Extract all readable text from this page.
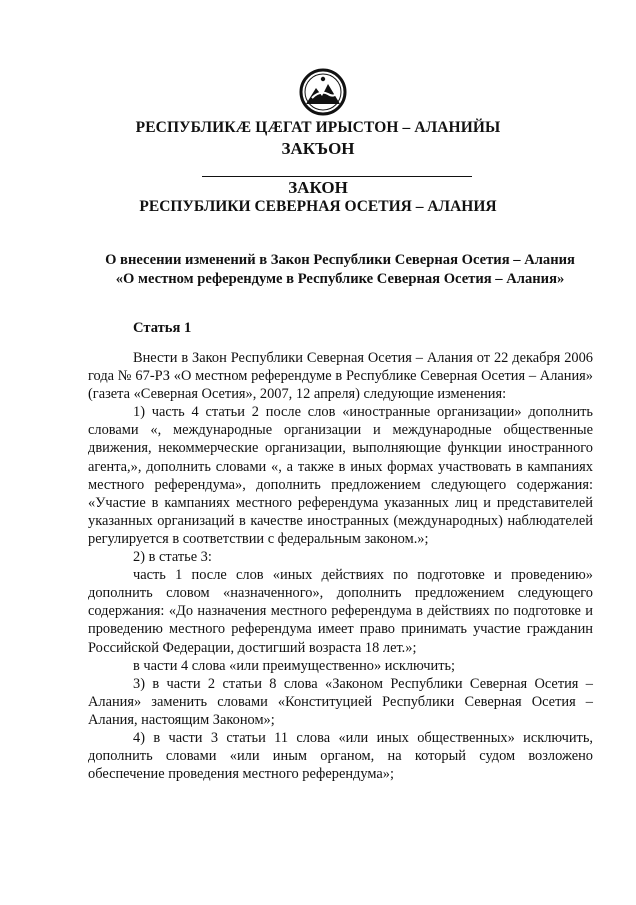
РЕСПУБЛИКÆ ЦÆГАТ ИРЫСТОН – АЛАНИЙЫ
ЗАКЪОН
ЗАКОН
РЕСПУБЛИКИ СЕВЕРНАЯ ОСЕТИЯ – АЛАНИЯ
О внесении изменений в Закон Республики Северная Осетия – Алания
«О местном референдуме в Республике Северная Осетия – Алания»
Статья 1

Внести в Закон Республики Северная Осетия – Алания от 22 декабря 2006 года № 67-РЗ «О местном референдуме в Республике Северная Осетия – Алания» (газета «Северная Осетия», 2007, 12 апреля) следующие изменения:

1) часть 4 статьи 2 после слов «иностранные организации» дополнить словами «, международные организации и международные общественные движения, некоммерческие организации, выполняющие функции иностранного агента,», дополнить словами «, а также в иных формах участвовать в кампаниях местного референдума», дополнить предложением следующего содержания: «Участие в кампаниях местного референдума указанных лиц и представителей указанных организаций в качестве иностранных (международных) наблюдателей регулируется в соответствии с федеральным законом.»;

2) в статье 3:

часть 1 после слов «иных действиях по подготовке и проведению» дополнить словом «назначенного», дополнить предложением следующего содержания: «До назначения местного референдума в действиях по подготовке и проведению местного референдума имеет право принимать участие гражданин Российской Федерации, достигший возраста 18 лет.»;

в части 4 слова «или преимущественно» исключить;

3) в части 2 статьи 8 слова «Законом Республики Северная Осетия – Алания» заменить словами «Конституцией Республики Северная Осетия – Алания, настоящим Законом»;

4) в части 3 статьи 11 слова «или иных общественных» исключить, дополнить словами «или иным органом, на который судом возложено обеспечение проведения местного референдума»;
